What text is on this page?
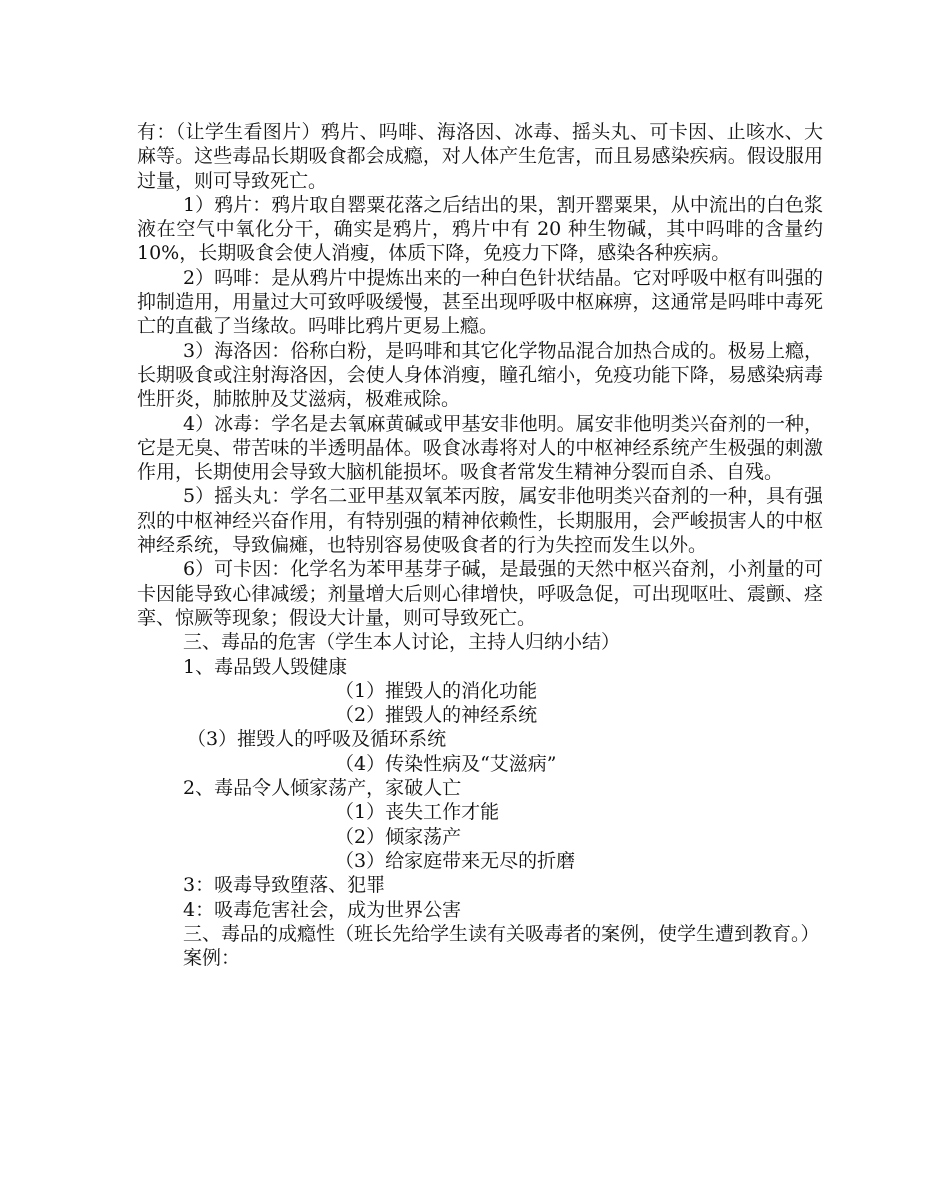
有：（让学生看图片）鸦片、吗啡、海洛因、冰毒、摇头丸、可卡因、止咳水、大麻等。这些毒品长期吸食都会成瘾，对人体产生危害，而且易感染疾病。假设服用过量，则可导致死亡。

1）鸦片：鸦片取自罂粟花落之后结出的果，割开罂粟果，从中流出的白色浆液在空气中氧化分干，确实是鸦片，鸦片中有 20 种生物碱，其中吗啡的含量约 10%，长期吸食会使人消瘦，体质下降，免疫力下降，感染各种疾病。

2）吗啡：是从鸦片中提炼出来的一种白色针状结晶。它对呼吸中枢有叫强的抑制造用，用量过大可致呼吸缓慢，甚至出现呼吸中枢麻痹，这通常是吗啡中毒死亡的直截了当缘故。吗啡比鸦片更易上瘾。

3）海洛因：俗称白粉，是吗啡和其它化学物品混合加热合成的。极易上瘾，长期吸食或注射海洛因，会使人身体消瘦，瞳孔缩小，免疫功能下降，易感染病毒性肝炎，肺脓肿及艾滋病，极难戒除。

4）冰毒：学名是去氧麻黄碱或甲基安非他明。属安非他明类兴奋剂的一种，它是无臭、带苦味的半透明晶体。吸食冰毒将对人的中枢神经系统产生极强的刺激作用，长期使用会导致大脑机能损坏。吸食者常发生精神分裂而自杀、自残。

5）摇头丸：学名二亚甲基双氧苯丙胺，属安非他明类兴奋剂的一种，具有强烈的中枢神经兴奋作用，有特别强的精神依赖性，长期服用，会严峻损害人的中枢神经系统，导致偏瘫，也特别容易使吸食者的行为失控而发生以外。

6）可卡因：化学名为苯甲基芽子碱，是最强的天然中枢兴奋剂，小剂量的可卡因能导致心律减缓；剂量增大后则心律增快，呼吸急促，可出现呕吐、震颤、痉挛、惊厥等现象；假设大计量，则可导致死亡。

三、毒品的危害（学生本人讨论，主持人归纳小结）

1、毒品毁人毁健康

（1）摧毁人的消化功能

（2）摧毁人的神经系统

（3）摧毁人的呼吸及循环系统

（4）传染性病及“艾滋病”

2、毒品令人倾家荡产，家破人亡

（1）丧失工作才能

（2）倾家荡产

（3）给家庭带来无尽的折磨

3：吸毒导致堕落、犯罪

4：吸毒危害社会，成为世界公害

三、毒品的成瘾性（班长先给学生读有关吸毒者的案例，使学生遭到教育。）

案例：
